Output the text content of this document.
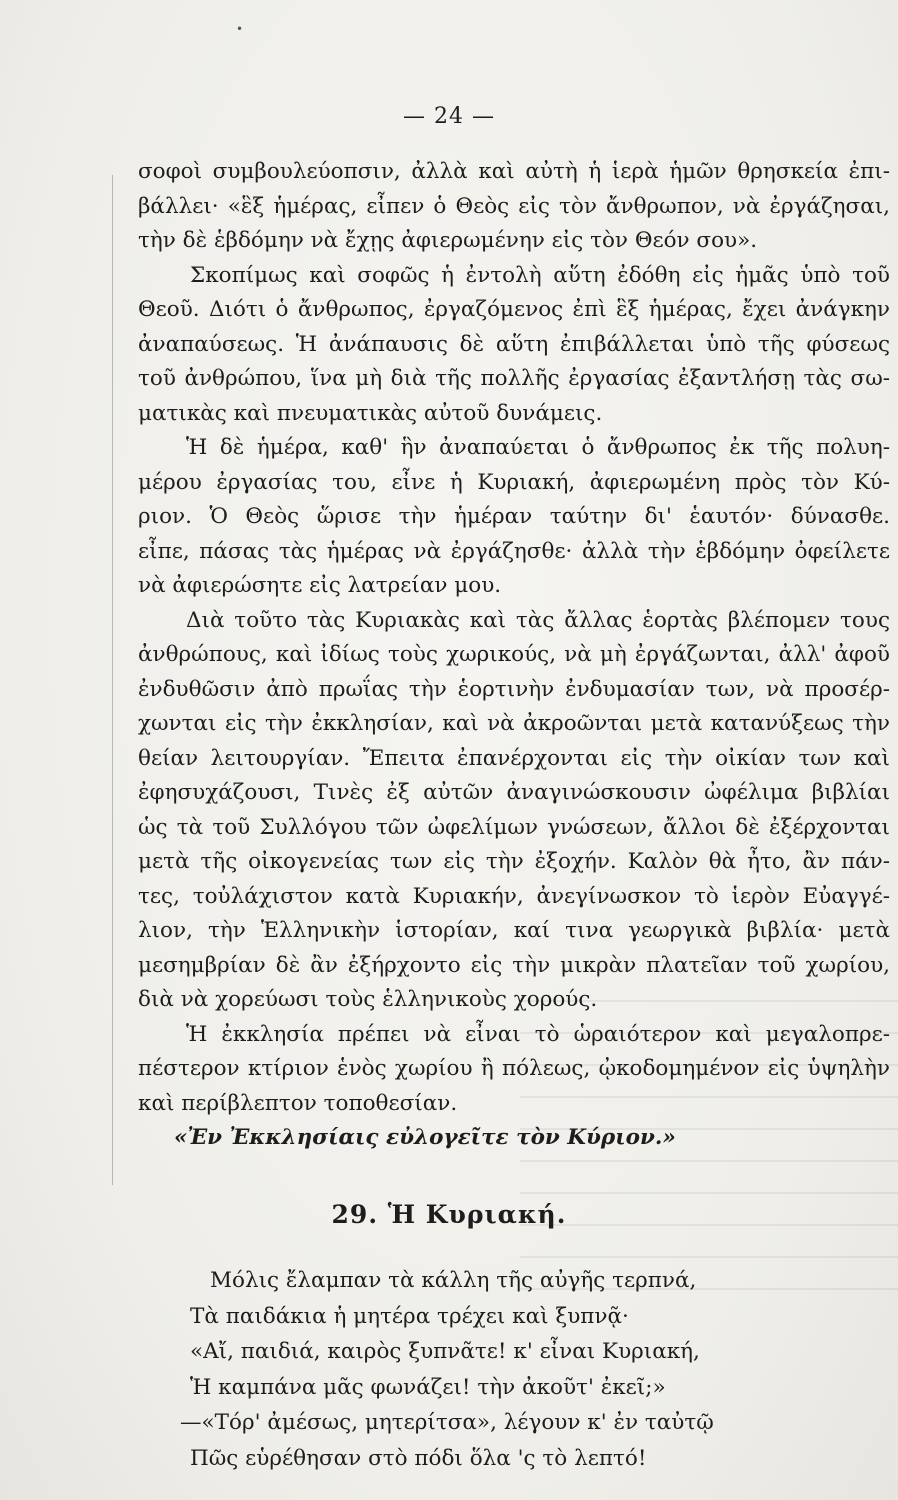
•
— 24 —
σοφοὶ συμβουλεύοπσιν, ἀλλὰ καὶ αὐτὴ ἡ ἱερὰ ἡμῶν θρησκεία ἐπι-
βάλλει· «ἓξ ἡμέρας, εἶπεν ὁ Θεὸς εἰς τὸν ἄνθρωπον, νὰ ἐργάζησαι,
τὴν δὲ ἑβδόμην νὰ ἔχῃς ἀφιερωμένην εἰς τὸν Θεόν σου».
Σκοπίμως καὶ σοφῶς ἡ ἐντολὴ αὕτη ἐδόθη εἰς ἡμᾶς ὑπὸ τοῦ
Θεοῦ. Διότι ὁ ἄνθρωπος, ἐργαζόμενος ἐπὶ ἓξ ἡμέρας, ἔχει ἀνάγκην
ἀναπαύσεως. Ἡ ἀνάπαυσις δὲ αὕτη ἐπιβάλλεται ὑπὸ τῆς φύσεως
τοῦ ἀνθρώπου, ἵνα μὴ διὰ τῆς πολλῆς ἐργασίας ἐξαντλήσῃ τὰς σω-
ματικὰς καὶ πνευματικὰς αὐτοῦ δυνάμεις.
Ἡ δὲ ἡμέρα, καθ' ἣν ἀναπαύεται ὁ ἄνθρωπος ἐκ τῆς πολυη-
μέρου ἐργασίας του, εἶνε ἡ Κυριακή, ἀφιερωμένη πρὸς τὸν Κύ-
ριον. Ὁ Θεὸς ὥρισε τὴν ἡμέραν ταύτην δι' ἑαυτόν· δύνασθε.
εἶπε, πάσας τὰς ἡμέρας νὰ ἐργάζησθε· ἀλλὰ τὴν ἑβδόμην ὀφείλετε
νὰ ἀφιερώσητε εἰς λατρείαν μου.
Διὰ τοῦτο τὰς Κυριακὰς καὶ τὰς ἄλλας ἑορτὰς βλέπομεν τους
ἀνθρώπους, καὶ ἰδίως τοὺς χωρικούς, νὰ μὴ ἐργάζωνται, ἀλλ' ἀφοῦ
ἐνδυθῶσιν ἀπὸ πρωΐας τὴν ἑορτινὴν ἐνδυμασίαν των, νὰ προσέρ-
χωνται εἰς τὴν ἐκκλησίαν, καὶ νὰ ἀκροῶνται μετὰ κατανύξεως τὴν
θείαν λειτουργίαν. Ἔπειτα ἐπανέρχονται εἰς τὴν οἰκίαν των καὶ
ἐφησυχάζουσι, Τινὲς ἐξ αὐτῶν ἀναγινώσκουσιν ὠφέλιμα βιβλίαι
ὡς τὰ τοῦ Συλλόγου τῶν ὠφελίμων γνώσεων, ἄλλοι δὲ ἐξέρχονται
μετὰ τῆς οἰκογενείας των εἰς τὴν ἐξοχήν. Καλὸν θὰ ἦτο, ἂν πάν-
τες, τοὐλάχιστον κατὰ Κυριακήν, ἀνεγίνωσκον τὸ ἱερὸν Εὐαγγέ-
λιον, τὴν Ἑλληνικὴν ἱστορίαν, καί τινα γεωργικὰ βιβλία· μετὰ
μεσημβρίαν δὲ ἂν ἐξήρχοντο εἰς τὴν μικρὰν πλατεῖαν τοῦ χωρίου,
διὰ νὰ χορεύωσι τοὺς ἑλληνικοὺς χορούς.
Ἡ ἐκκλησία πρέπει νὰ εἶναι τὸ ὡραιότερον καὶ μεγαλοπρε-
πέστερον κτίριον ἑνὸς χωρίου ἢ πόλεως, ᾠκοδομημένον εἰς ὑψηλὴν
καὶ περίβλεπτον τοποθεσίαν.
«Ἐν Ἐκκλησίαις εὐλογεῖτε τὸν Κύριον.»
29. Ἡ Κυριακή.
Μόλις ἔλαμπαν τὰ κάλλη τῆς αὐγῆς τερπνά,
Τὰ παιδάκια ἡ μητέρα τρέχει καὶ ξυπνᾷ·
«Αἴ, παιδιά, καιρὸς ξυπνᾶτε! κ' εἶναι Κυριακή,
Ἡ καμπάνα μᾶς φωνάζει! τὴν ἀκοῦτ' ἐκεῖ;»
—«Τόρ' ἀμέσως, μητερίτσα», λέγουν κ' ἐν ταὐτῷ
Πῶς εὑρέθησαν στὸ πόδι ὅλα 'ς τὸ λεπτό!
